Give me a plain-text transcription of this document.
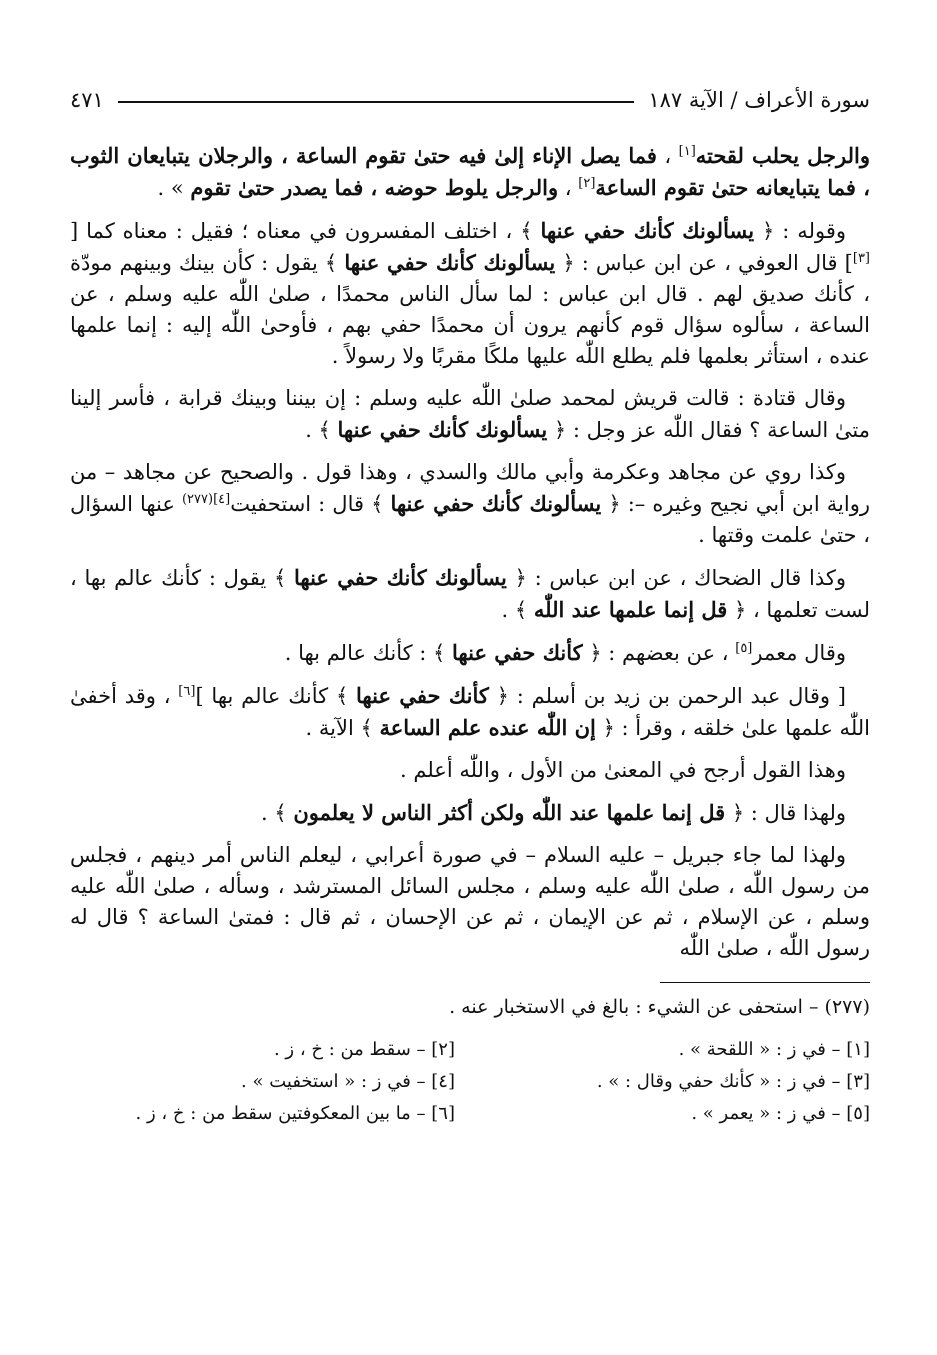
سورة الأعراف / الآية ١٨٧
٤٧١

والرجل يحلب لقحته[١] ، فما يصل الإناء إلىٰ فيه حتىٰ تقوم الساعة ، والرجلان يتبايعان الثوب ، فما يتبايعانه حتىٰ تقوم الساعة[٢] ، والرجل يلوط حوضه ، فما يصدر حتىٰ تقوم » .

وقوله : ﴿ يسألونك كأنك حفي عنها ﴾ ، اختلف المفسرون في معناه ؛ فقيل : معناه كما [ [٣]] قال العوفي ، عن ابن عباس : ﴿ يسألونك كأنك حفي عنها ﴾ يقول : كأن بينك وبينهم مودّة ، كأنك صديق لهم . قال ابن عباس : لما سأل الناس محمدًا ، صلىٰ اللّٰه عليه وسلم ، عن الساعة ، سألوه سؤال قوم كأنهم يرون أن محمدًا حفي بهم ، فأوحىٰ اللّٰه إليه : إنما علمها عنده ، استأثر بعلمها فلم يطلع اللّٰه عليها ملكًا مقربًا ولا رسولاً .

وقال قتادة : قالت قريش لمحمد صلىٰ اللّٰه عليه وسلم : إن بيننا وبينك قرابة ، فأسر إلينا متىٰ الساعة ؟ فقال اللّٰه عز وجل : ﴿ يسألونك كأنك حفي عنها ﴾ .

وكذا روي عن مجاهد وعكرمة وأبي مالك والسدي ، وهذا قول . والصحيح عن مجاهد – من رواية ابن أبي نجيح وغيره –: ﴿ يسألونك كأنك حفي عنها ﴾ قال : استحفيت$^{[٤](٢٧٧)}$ عنها السؤال ، حتىٰ علمت وقتها .

وكذا قال الضحاك ، عن ابن عباس : ﴿ يسألونك كأنك حفي عنها ﴾ يقول : كأنك عالم بها ، لست تعلمها ، ﴿ قل إنما علمها عند اللّٰه ﴾ .

وقال معمر[٥] ، عن بعضهم : ﴿ كأنك حفي عنها ﴾ : كأنك عالم بها .

[ وقال عبد الرحمن بن زيد بن أسلم : ﴿ كأنك حفي عنها ﴾ كأنك عالم بها ][٦] ، وقد أخفىٰ اللّٰه علمها علىٰ خلقه ، وقرأ : ﴿ إن اللّٰه عنده علم الساعة ﴾ الآية .

وهذا القول أرجح في المعنىٰ من الأول ، واللّٰه أعلم .

ولهذا قال : ﴿ قل إنما علمها عند اللّٰه ولكن أكثر الناس لا يعلمون ﴾ .

ولهذا لما جاء جبريل – عليه السلام – في صورة أعرابي ، ليعلم الناس أمر دينهم ، فجلس من رسول اللّٰه ، صلىٰ اللّٰه عليه وسلم ، مجلس السائل المسترشد ، وسأله ، صلىٰ اللّٰه عليه وسلم ، عن الإسلام ، ثم عن الإيمان ، ثم عن الإحسان ، ثم قال : فمتىٰ الساعة ؟ قال له رسول اللّٰه ، صلىٰ اللّٰه

(٢٧٧) – استحفى عن الشيء : بالغ في الاستخبار عنه .

[١] – في ز : « اللقحة » .
[٢] – سقط من : خ ، ز .
[٣] – في ز : « كأنك حفي وقال : » .
[٤] – في ز : « استخفيت » .
[٥] – في ز : « يعمر » .
[٦] – ما بين المعكوفتين سقط من : خ ، ز .
